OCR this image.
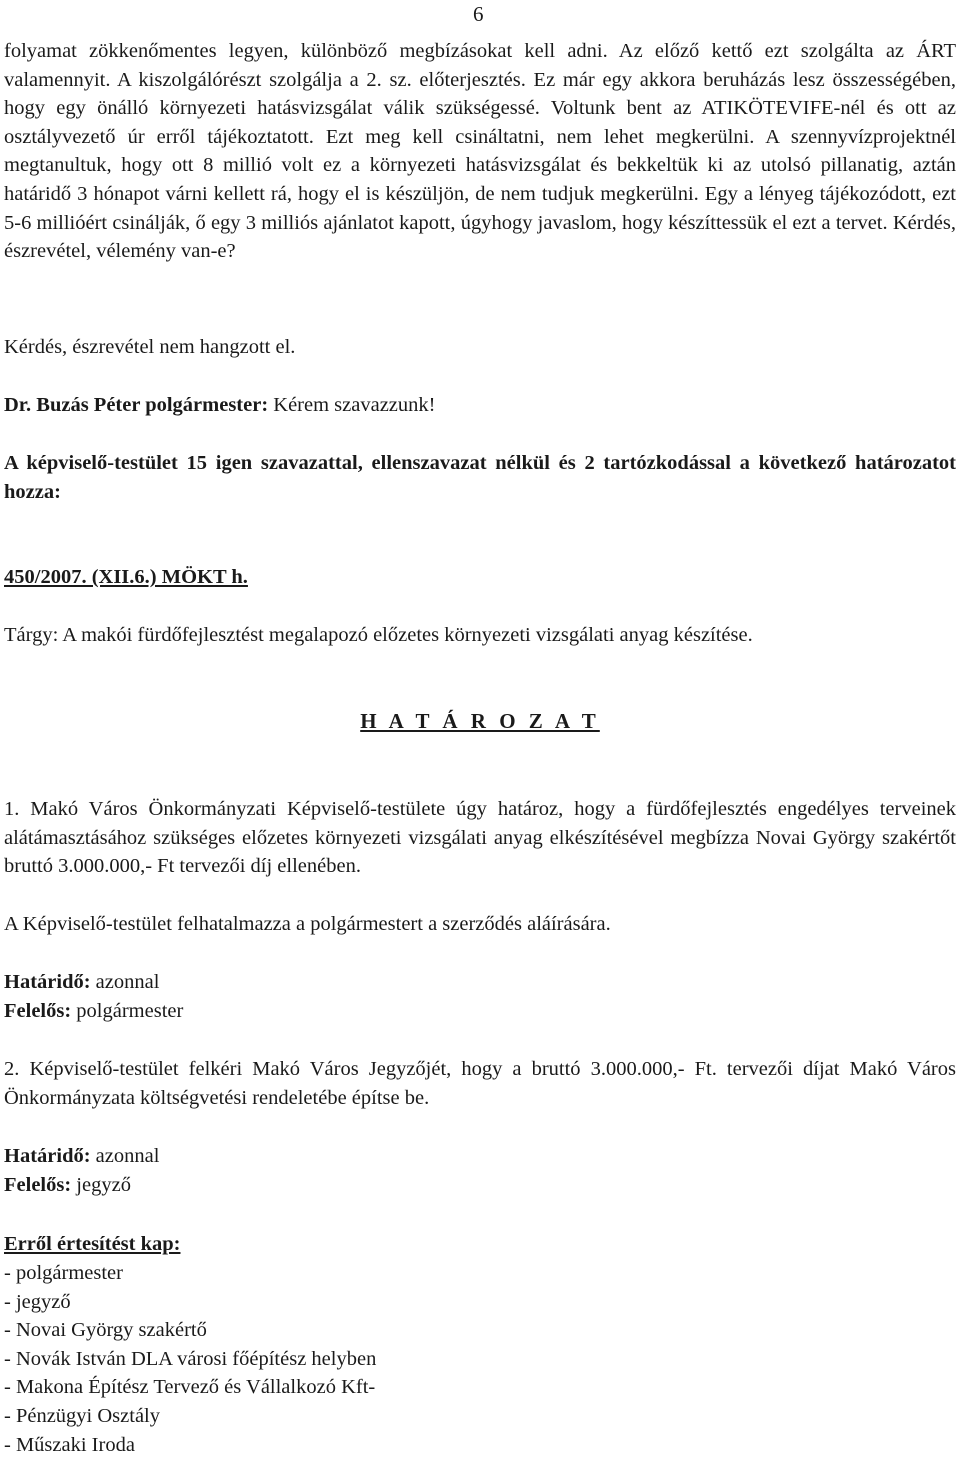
6

folyamat zökkenőmentes legyen, különböző megbízásokat kell adni. Az előző kettő ezt szolgálta az ÁRT valamennyit. A kiszolgálórészt szolgálja a 2. sz. előterjesztés. Ez már egy akkora beruházás lesz összességében, hogy egy önálló környezeti hatásvizsgálat válik szükségessé. Voltunk bent az ATIKÖTEVIFE-nél és ott az osztályvezető úr erről tájékoztatott. Ezt meg kell csináltatni, nem lehet megkerülni. A szennyvízprojektnél megtanultuk, hogy ott 8 millió volt ez a környezeti hatásvizsgálat és bekkeltük ki az utolsó pillanatig, aztán határidő 3 hónapot várni kellett rá, hogy el is készüljön, de nem tudjuk megkerülni. Egy a lényeg tájékozódott, ezt 5-6 millióért csinálják, ő egy 3 milliós ajánlatot kapott, úgyhogy javaslom, hogy készíttessük el ezt a tervet. Kérdés, észrevétel, vélemény van-e?

Kérdés, észrevétel nem hangzott el.

Dr. Buzás Péter polgármester: Kérem szavazzunk!

A képviselő-testület 15 igen szavazattal, ellenszavazat nélkül és 2 tartózkodással a következő határozatot hozza:

450/2007. (XII.6.) MÖKT h.

Tárgy: A makói fürdőfejlesztést megalapozó előzetes környezeti vizsgálati anyag készítése.

H A T Á R O Z A T

1. Makó Város Önkormányzati Képviselő-testülete úgy határoz, hogy a fürdőfejlesztés engedélyes terveinek alátámasztásához szükséges előzetes környezeti vizsgálati anyag elkészítésével megbízza Novai György szakértőt bruttó 3.000.000,- Ft tervezői díj ellenében.

A Képviselő-testület felhatalmazza a polgármestert a szerződés aláírására.

Határidő: azonnal

Felelős: polgármester

2. Képviselő-testület felkéri Makó Város Jegyzőjét, hogy a bruttó 3.000.000,- Ft. tervezői díjat Makó Város Önkormányzata költségvetési rendeletébe építse be.

Határidő: azonnal

Felelős: jegyző

Erről értesítést kap:

- polgármester
- jegyző
- Novai György szakértő
- Novák István DLA városi főépítész helyben
- Makona Építész Tervező és Vállalkozó Kft-
- Pénzügyi Osztály
- Műszaki Iroda
